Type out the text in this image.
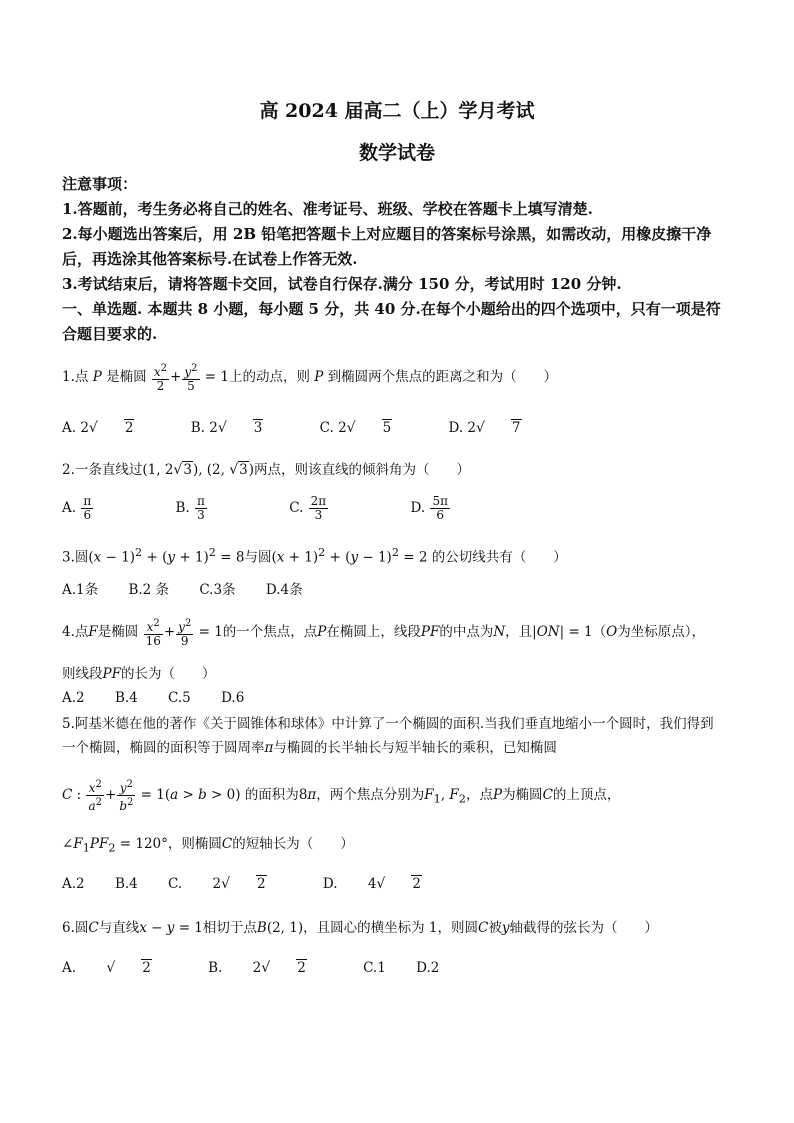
高 2024 届高二（上）学月考试
数学试卷

注意事项：

1.答题前，考生务必将自己的姓名、准考证号、班级、学校在答题卡上填写清楚.

2.每小题选出答案后，用 2B 铅笔把答题卡上对应题目的答案标号涂黑，如需改动，用橡皮擦干净后，再选涂其他答案标号.在试卷上作答无效.

3.考试结束后，请将答题卡交回，试卷自行保存.满分 150 分，考试用时 120 分钟.

一、单选题. 本题共 8 小题，每小题 5 分，共 40 分.在每个小题给出的四个选项中，只有一项是符合题目要求的.

1.点 P 是椭圆 $\frac{x^2}{2} + \frac{y^2}{5} = 1$上的动点，则 P 到椭圆两个焦点的距离之和为（　　）
A. 2√ 2	B. 2√ 3	C. 2√ 5	D. 2√ 7
2.一条直线过(1, 2√3), (2, √3)两点，则该直线的倾斜角为（　　）
A. $\frac{\pi}{6}$	B. $\frac{\pi}{3}$	C. $\frac{2\pi}{3}$	D. $\frac{5\pi}{6}$
3.圆$(x - 1)^2 + (y + 1)^2 = 8$与圆$(x + 1)^2 + (y - 1)^2 = 2$ 的公切线共有（　　）
A.1条 B.2 条 C.3条 D.4条
4.点F是椭圆 $\frac{x^2}{16} + \frac{y^2}{9} = 1$的一个焦点，点P在椭圆上，线段PF的中点为N，且|ON| = 1（O为坐标原点），
则线段PF的长为（　　）
A.2 B.4 C.5 D.6
5.阿基米德在他的著作《关于圆锥体和球体》中计算了一个椭圆的面积.当我们垂直地缩小一个圆时，我们得到
一个椭圆，椭圆的面积等于圆周率π与椭圆的长半轴长与短半轴长的乘积，已知椭圆
C : $\frac{x^2}{a^2} + \frac{y^2}{b^2} = 1(a > b > 0)$ 的面积为8π，两个焦点分别为$F_1$, $F_2$，点P为椭圆C的上顶点，
$\angle F_1PF_2 = 120^\circ$，则椭圆C的短轴长为（　　）
A.2 B.4 C. 2√ 2	D. 4√ 2
6.圆C与直线x − y = 1相切于点B(2, 1)，且圆心的横坐标为 1，则圆C被y轴截得的弦长为（　　）
A. √ 2	B. 2√ 2	C.1 D.2
